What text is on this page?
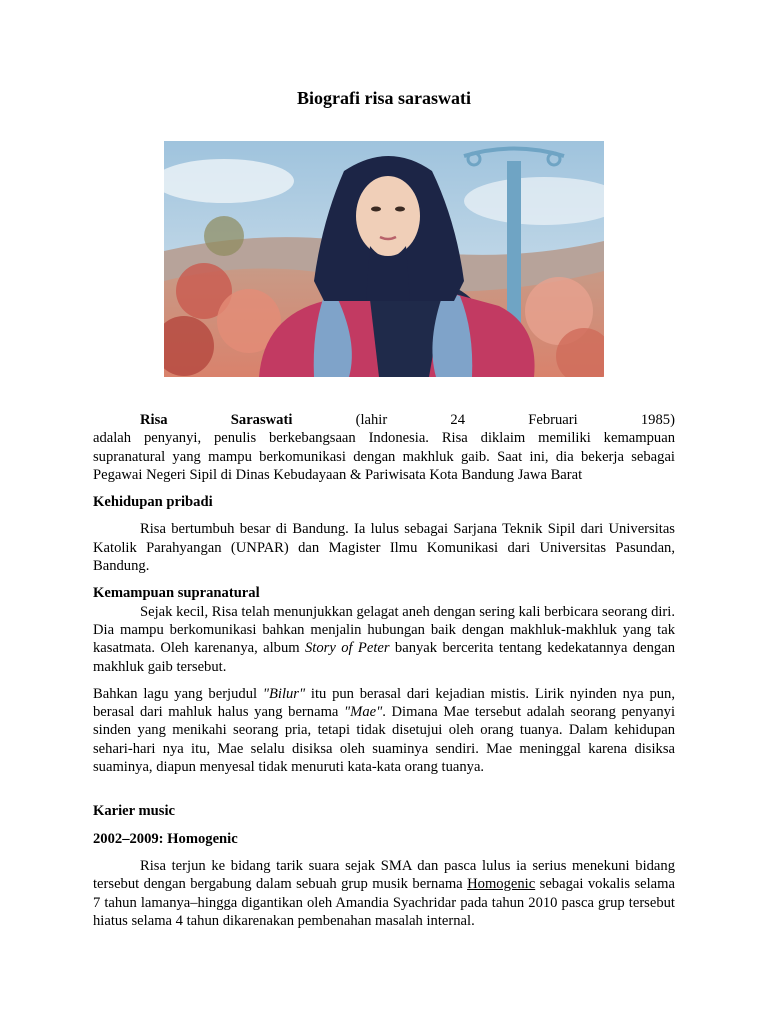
Biografi risa saraswati
Risa	Saraswati	(lahir	24	Februari	1985)

adalah penyanyi, penulis berkebangsaan Indonesia. Risa diklaim memiliki kemampuan supranatural yang mampu berkomunikasi dengan makhluk gaib. Saat ini, dia bekerja sebagai Pegawai Negeri Sipil di Dinas Kebudayaan & Pariwisata Kota Bandung Jawa Barat

Kehidupan pribadi

Risa bertumbuh besar di Bandung. Ia lulus sebagai Sarjana Teknik Sipil dari Universitas Katolik Parahyangan (UNPAR) dan Magister Ilmu Komunikasi dari Universitas Pasundan, Bandung.

Kemampuan supranatural

Sejak kecil, Risa telah menunjukkan gelagat aneh dengan sering kali berbicara seorang diri. Dia mampu berkomunikasi bahkan menjalin hubungan baik dengan makhluk-makhluk yang tak kasatmata. Oleh karenanya, album Story of Peter banyak bercerita tentang kedekatannya dengan makhluk gaib tersebut.

Bahkan lagu yang berjudul "Bilur" itu pun berasal dari kejadian mistis. Lirik nyinden nya pun, berasal dari mahluk halus yang bernama "Mae". Dimana Mae tersebut adalah seorang penyanyi sinden yang menikahi seorang pria, tetapi tidak disetujui oleh orang tuanya. Dalam kehidupan sehari-hari nya itu, Mae selalu disiksa oleh suaminya sendiri. Mae meninggal karena disiksa suaminya, diapun menyesal tidak menuruti kata-kata orang tuanya.

Karier music
2002–2009: Homogenic

Risa terjun ke bidang tarik suara sejak SMA dan pasca lulus ia serius menekuni bidang tersebut dengan bergabung dalam sebuah grup musik bernama Homogenic sebagai vokalis selama 7 tahun lamanya–hingga digantikan oleh Amandia Syachridar pada tahun 2010 pasca grup tersebut hiatus selama 4 tahun dikarenakan pembenahan masalah internal.
